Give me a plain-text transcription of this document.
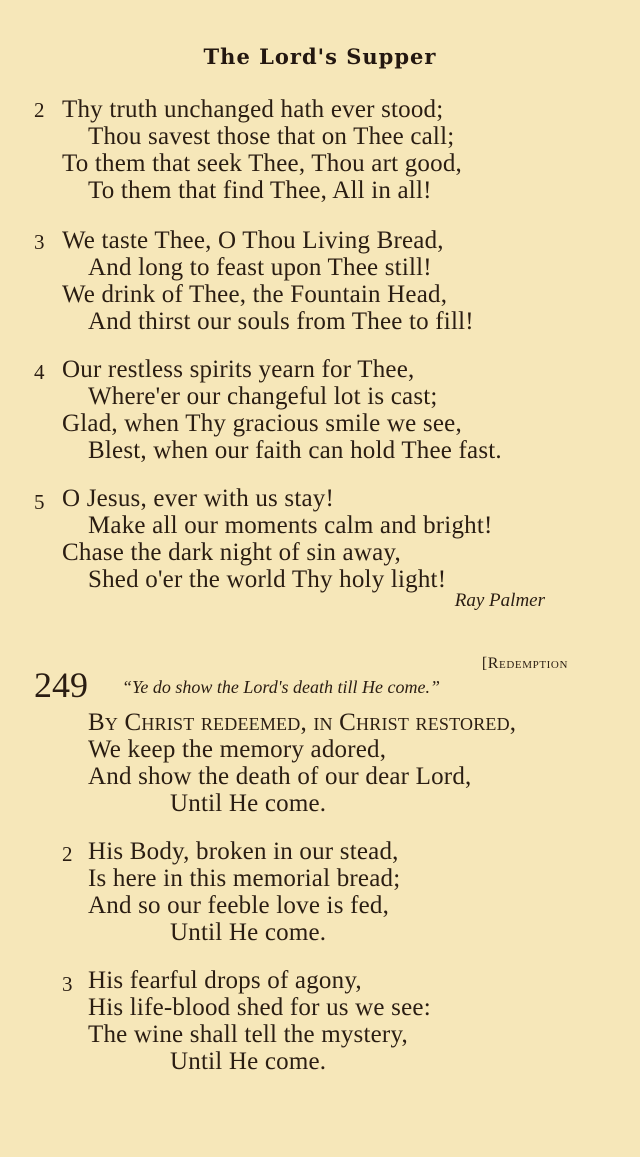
The Lord's Supper
2 Thy truth unchanged hath ever stood;
Thou savest those that on Thee call;
To them that seek Thee, Thou art good,
To them that find Thee, All in all!
3 We taste Thee, O Thou Living Bread,
And long to feast upon Thee still!
We drink of Thee, the Fountain Head,
And thirst our souls from Thee to fill!
4 Our restless spirits yearn for Thee,
Where'er our changeful lot is cast;
Glad, when Thy gracious smile we see,
Blest, when our faith can hold Thee fast.
5 O Jesus, ever with us stay!
Make all our moments calm and bright!
Chase the dark night of sin away,
Shed o'er the world Thy holy light!
Ray Palmer
[Redemption
249 “Ye do show the Lord's death till He come.”
By Christ redeemed, in Christ restored,
We keep the memory adored,
And show the death of our dear Lord,
Until He come.
2 His Body, broken in our stead,
Is here in this memorial bread;
And so our feeble love is fed,
Until He come.
3 His fearful drops of agony,
His life-blood shed for us we see:
The wine shall tell the mystery,
Until He come.
